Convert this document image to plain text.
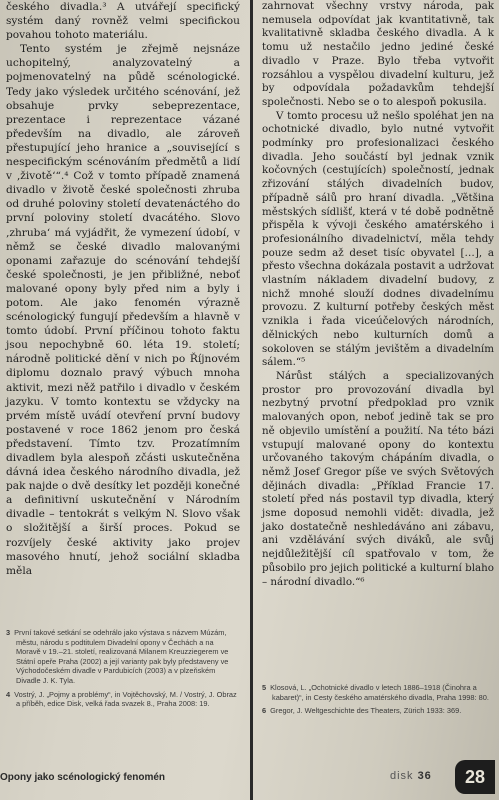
českého divadla.³ A utvářejí specifický systém daný rovněž velmi specifickou povahou tohoto materiálu.

Tento systém je zřejmě nejsnáze uchopitelný, analyzovatelný a pojmenovatelný na půdě scénologické. Tedy jako výsledek určitého scénování, jež obsahuje prvky sebeprezentace, prezentace i reprezentace vázané především na divadlo, ale zároveň přestupující jeho hranice a „související s nespecifickým scénováním předmětů a lidí v ‚životě‘“.⁴ Což v tomto případě znamená divadlo v životě české společnosti zhruba od druhé poloviny století devatenáctého do první poloviny století dvacátého. Slovo ‚zhruba‘ má vyjádřit, že vymezení údobí, v němž se české divadlo malovanými oponami zařazuje do scénování tehdejší české společnosti, je jen přibližné, neboť malované opony byly před nim a byly i potom. Ale jako fenomén výrazně scénologický fungují především a hlavně v tomto údobí. První příčinou tohoto faktu jsou nepochybně 60. léta 19. století; národně politické dění v nich po Říjnovém diplomu doznalo pravý výbuch mnoha aktivit, mezi něž patřilo i divadlo v českém jazyku. V tomto kontextu se vždycky na prvém místě uvádí otevření první budovy postavené v roce 1862 jenom pro česká představení. Tímto tzv. Prozatímním divadlem byla alespoň zčásti uskutečněna dávná idea českého národního divadla, jež pak najde o dvě desítky let později konečné a definitivní uskutečnění v Národním divadle – tentokrát s velkým N. Slovo však o složitější a širší proces. Pokud se rozvíjely české aktivity jako projev masového hnutí, jehož sociální skladba měla

zahrnovat všechny vrstvy národa, pak nemusela odpovídat jak kvantitativně, tak kvalitativně skladba českého divadla. A k tomu už nestačilo jedno jediné české divadlo v Praze. Bylo třeba vytvořit rozsáhlou a vyspělou divadelní kulturu, jež by odpovídala požadavkům tehdejší společnosti. Nebo se o to alespoň pokusila.

V tomto procesu už nešlo spoléhat jen na ochotnické divadlo, bylo nutné vytvořit podmínky pro profesionalizaci českého divadla. Jeho součástí byl jednak vznik kočovných (cestujících) společností, jednak zřizování stálých divadelních budov, případně sálů pro hraní divadla. „Většina městských sídlišť, která v té době podnětně přispěla k vývoji českého amatérského i profesionálního divadelnictví, měla tehdy pouze sedm až deset tisíc obyvatel […], a přesto všechna dokázala postavit a udržovat vlastním nákladem divadelní budovy, z nichž mnohé slouží dodnes divadelnímu provozu. Z kulturní potřeby českých měst vznikla i řada viceúčelových národních, dělnických nebo kulturních domů a sokoloven se stálým jevištěm a divadelním sálem.“⁵

Nárůst stálých a specializovaných prostor pro provozování divadla byl nezbytný prvotní předpoklad pro vznik malovaných opon, neboť jedině tak se pro ně objevilo umístění a použití. Na této bázi vstupují malované opony do kontextu určovaného takovým chápáním divadla, o němž Josef Gregor píše ve svých Světových dějinách divadla: „Příklad Francie 17. století před nás postavil typ divadla, který jsme doposud nemohli vidět: divadla, jež jako dostatečně neshledáváno ani zábavu, ani vzdělávání svých diváků, ale svůj nejdůležitější cíl spatřovalo v tom, že působilo pro jejich politické a kulturní blaho – národní divadlo.“⁶

3 První takové setkání se odehrálo jako výstava s názvem Múzám, městu, národu s podtitulem Divadelní opony v Čechách a na Moravě v 19.–21. století, realizovaná Milanem Kreuzziegerem ve Státní opeře Praha (2002) a její varianty pak byly představeny ve Východočeském divadle v Pardubicích (2003) a v plzeňském Divadle J. K. Tyla.

4 Vostrý, J. „Pojmy a problémy“, in Vojtěchovský, M. / Vostrý, J. Obraz a příběh, edice Disk, velká řada svazek 8., Praha 2008: 19.

5 Klosová, L. „Ochotnické divadlo v letech 1886–1918 (Činohra a kabaret)“, in Cesty českého amatérského divadla, Praha 1998: 80.

6 Gregor, J. Weltgeschichte des Theaters, Zürich 1933: 369.

Opony jako scénologický fenomén	disk 36	28
